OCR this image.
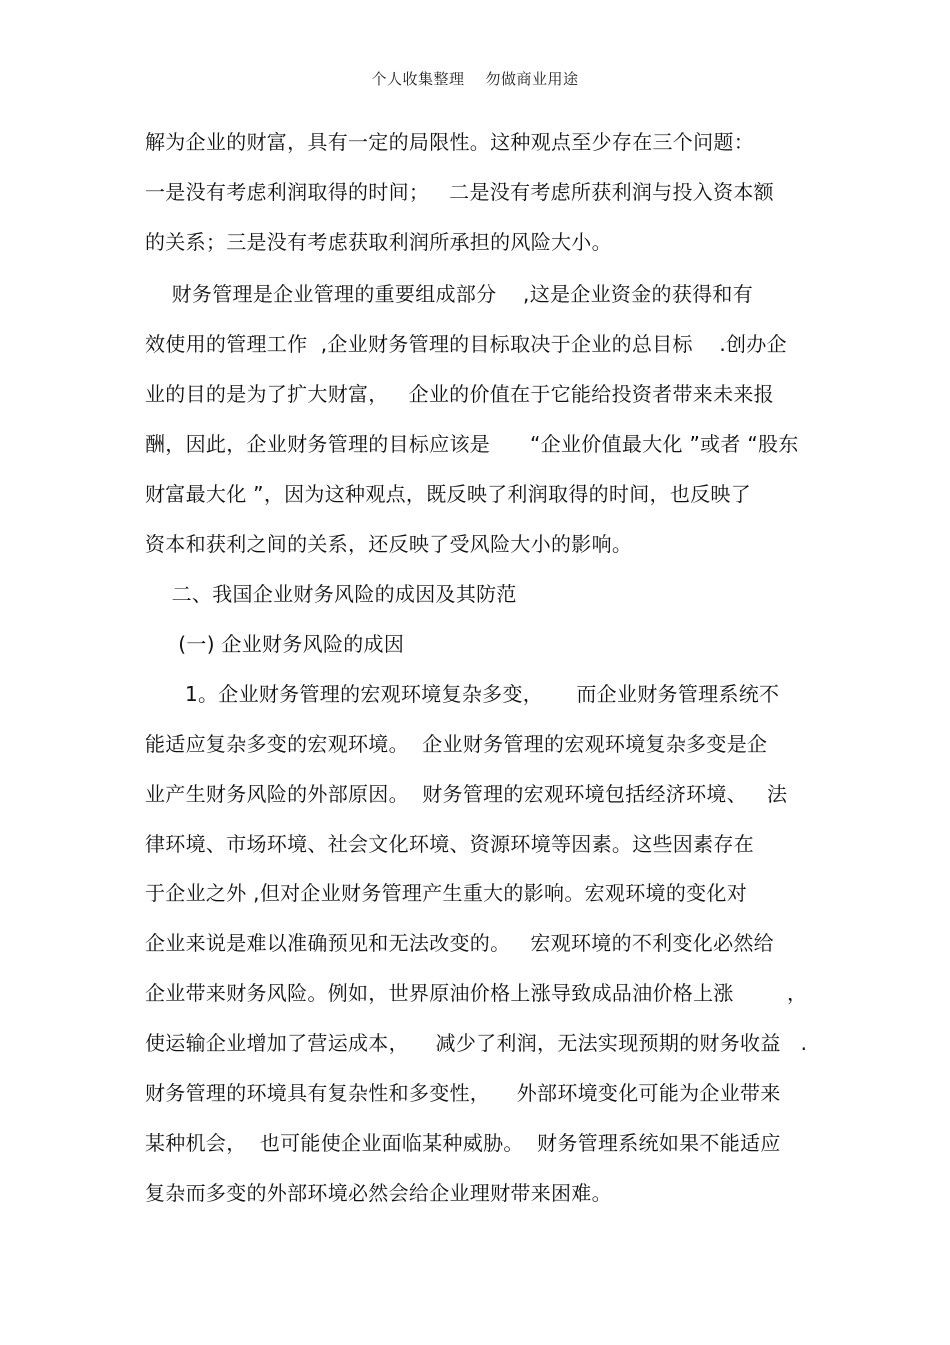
个人收集整理    勿做商业用途
解为企业的财富，具有一定的局限性。这种观点至少存在三个问题：
一是没有考虑利润取得的时间；   二是没有考虑所获利润与投入资本额
的关系；三是没有考虑获取利润所承担的风险大小。
财务管理是企业管理的重要组成部分    ,这是企业资金的获得和有
效使用的管理工作  ,企业财务管理的目标取决于企业的总目标    .创办企
业的目的是为了扩大财富，   企业的价值在于它能给投资者带来未来报
酬，因此，企业财务管理的目标应该是      “企业价值最大化 ”或者 “股东
财富最大化 ”，因为这种观点，既反映了利润取得的时间，也反映了
资本和获利之间的关系，还反映了受风险大小的影响。
二、我国企业财务风险的成因及其防范
(一) 企业财务风险的成因
1。企业财务管理的宏观环境复杂多变，     而企业财务管理系统不
能适应复杂多变的宏观环境。  企业财务管理的宏观环境复杂多变是企
业产生财务风险的外部原因。  财务管理的宏观环境包括经济环境、   法
律环境、市场环境、社会文化环境、资源环境等因素。这些因素存在
于企业之外 ,但对企业财务管理产生重大的影响。宏观环境的变化对
企业来说是难以准确预见和无法改变的。   宏观环境的不利变化必然给
企业带来财务风险。例如，世界原油价格上涨导致成品油价格上涨        ，
使运输企业增加了营运成本，    减少了利润，无法实现预期的财务收益   .
财务管理的环境具有复杂性和多变性，    外部环境变化可能为企业带来
某种机会，  也可能使企业面临某种威胁。  财务管理系统如果不能适应
复杂而多变的外部环境必然会给企业理财带来困难。
